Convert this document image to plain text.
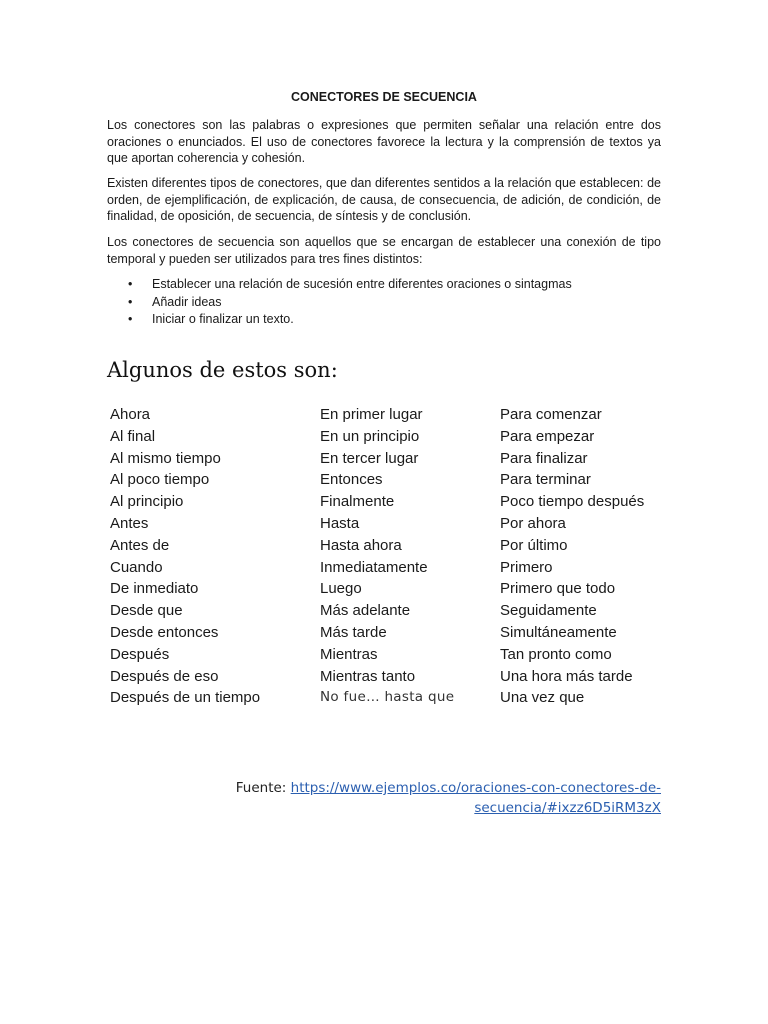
CONECTORES DE SECUENCIA
Los conectores son las palabras o expresiones que permiten señalar una relación entre dos oraciones o enunciados. El uso de conectores favorece la lectura y la comprensión de textos ya que aportan coherencia y cohesión.
Existen diferentes tipos de conectores, que dan diferentes sentidos a la relación que establecen: de orden, de ejemplificación, de explicación, de causa, de consecuencia, de adición, de condición, de finalidad, de oposición, de secuencia, de síntesis y de conclusión.
Los conectores de secuencia son aquellos que se encargan de establecer una conexión de tipo temporal y pueden ser utilizados para tres fines distintos:
• Establecer una relación de sucesión entre diferentes oraciones o sintagmas
• Añadir ideas
• Iniciar o finalizar un texto.
Algunos de estos son:
Ahora
Al final
Al mismo tiempo
Al poco tiempo
Al principio
Antes
Antes de
Cuando
De inmediato
Desde que
Desde entonces
Después
Después de eso
Después de un tiempo
En primer lugar
En un principio
En tercer lugar
Entonces
Finalmente
Hasta
Hasta ahora
Inmediatamente
Luego
Más adelante
Más tarde
Mientras
Mientras tanto
No fue… hasta que
Para comenzar
Para empezar
Para finalizar
Para terminar
Poco tiempo después
Por ahora
Por último
Primero
Primero que todo
Seguidamente
Simultáneamente
Tan pronto como
Una hora más tarde
Una vez que
Fuente: https://www.ejemplos.co/oraciones-con-conectores-de-
secuencia/#ixzz6D5iRM3zX
